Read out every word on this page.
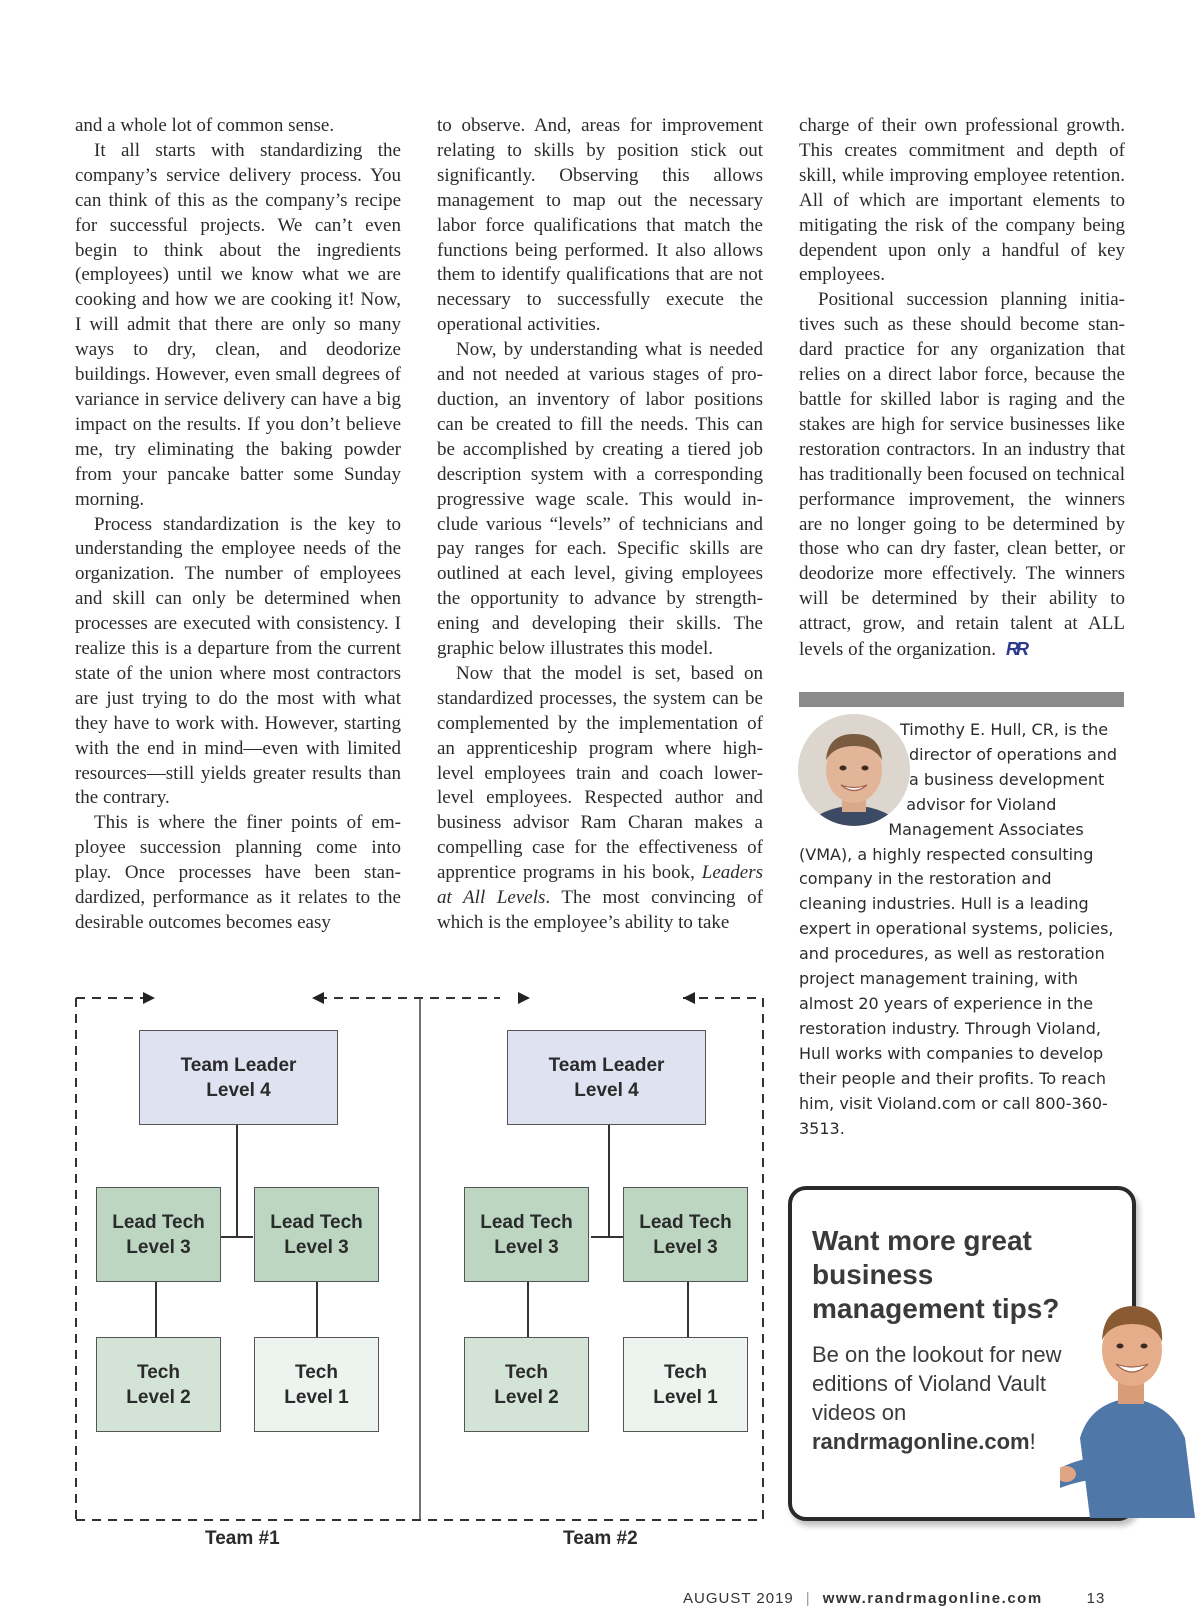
and a whole lot of common sense.

It all starts with standardizing the company’s service delivery process. You can think of this as the company’s recipe for successful projects. We can’t even begin to think about the ingredients (employees) until we know what we are cooking and how we are cooking it! Now, I will admit that there are only so many ways to dry, clean, and deodorize buildings. However, even small degrees of variance in service delivery can have a big impact on the results. If you don’t believe me, try eliminating the baking powder from your pancake batter some Sunday morning.

Process standardization is the key to understanding the employee needs of the organization. The number of employees and skill can only be determined when processes are executed with consistency. I realize this is a departure from the current state of the union where most contractors are just trying to do the most with what they have to work with. However, starting with the end in mind—even with limited resources—still yields greater results than the contrary.

This is where the finer points of employee succession planning come into play. Once processes have been standardized, performance as it relates to the desirable outcomes becomes easy

to observe. And, areas for improvement relating to skills by position stick out significantly. Observing this allows management to map out the necessary labor force qualifications that match the functions being performed. It also allows them to identify qualifications that are not necessary to successfully execute the operational activities.

Now, by understanding what is needed and not needed at various stages of production, an inventory of labor positions can be created to fill the needs. This can be accomplished by creating a tiered job description system with a corresponding progressive wage scale. This would include various “levels” of technicians and pay ranges for each. Specific skills are outlined at each level, giving employees the opportunity to advance by strengthening and developing their skills. The graphic below illustrates this model.

Now that the model is set, based on standardized processes, the system can be complemented by the implementation of an apprenticeship program where high-level employees train and coach lower-level employees. Respected author and business advisor Ram Charan makes a compelling case for the effectiveness of apprentice programs in his book, Leaders at All Levels. The most convincing of which is the employee’s ability to take

charge of their own professional growth. This creates commitment and depth of skill, while improving employee retention. All of which are important elements to mitigating the risk of the company being dependent upon only a handful of key employees.

Positional succession planning initiatives such as these should become standard practice for any organization that relies on a direct labor force, because the battle for skilled labor is raging and the stakes are high for service businesses like restoration contractors. In an industry that has traditionally been focused on technical performance improvement, the winners are no longer going to be determined by those who can dry faster, clean better, or deodorize more effectively. The winners will be determined by their ability to attract, grow, and retain talent at ALL levels of the organization. RR

Timothy E. Hull, CR, is the director of operations and a business development advisor for Violand Management Associates (VMA), a highly respected consulting company in the restoration and cleaning industries. Hull is a leading expert in operational systems, policies, and procedures, as well as restoration project management training, with almost 20 years of experience in the restoration industry. Through Violand, Hull works with companies to develop their people and their profits. To reach him, visit Violand.com or call 800-360-3513.

Want more great business management tips?
Be on the lookout for new editions of Violand Vault videos on randrmagonline.com!
Team Leader
Level 4
Lead Tech
Level 3
Lead Tech
Level 3
Tech
Level 2
Tech
Level 1
Team #1
Team Leader
Level 4
Lead Tech
Level 3
Lead Tech
Level 3
Tech
Level 2
Tech
Level 1
Team #2
AUGUST 2019 | www.randrmagonline.com	13
